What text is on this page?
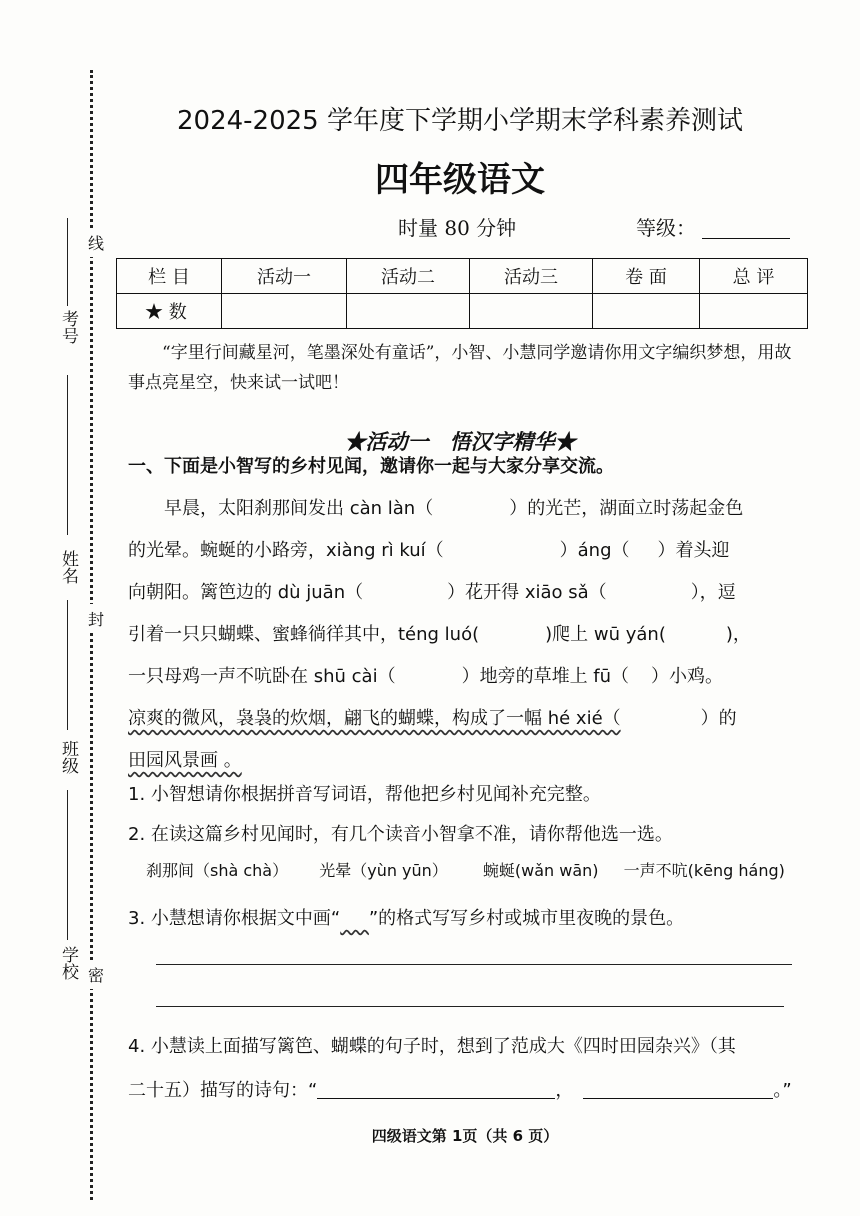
线
封
密
考号
姓名
班级
学校
2024-2025 学年度下学期小学期末学科素养测试
四年级语文
时量 80 分钟	等级：
栏 目	活动一	活动二	活动三	卷 面	总 评
★ 数					
“字里行间藏星河，笔墨深处有童话”，小智、小慧同学邀请你用文字编织梦想，用故事点亮星空，快来试一试吧！
★活动一　悟汉字精华★
一、下面是小智写的乡村见闻，邀请你一起与大家分享交流。

早晨，太阳刹那间发出 càn làn（	）的光芒，湖面立时荡起金色

的光晕。蜿蜒的小路旁，xiàng rì kuí（	）áng（ ）着头迎

向朝阳。篱笆边的 dù juān（	）花开得 xiāo sǎ（	），逗

引着一只只蝴蝶、蜜蜂徜徉其中，téng luó(	)爬上 wū yán(	)，

一只母鸡一声不吭卧在 shū cài（	）地旁的草堆上 fū（ ）小鸡。

凉爽的微风，袅袅的炊烟，翩飞的蝴蝶，构成了一幅 hé xié（	）的

田园风景画 。

1. 小智想请你根据拼音写词语，帮他把乡村见闻补充完整。
2. 在读这篇乡村见闻时，有几个读音小智拿不准，请你帮他选一选。
刹那间（shà chà） 光晕（yùn yūn） 蜿蜒(wǎn wān) 一声不吭(kēng háng)
3. 小慧想请你根据文中画“ ”的格式写写乡村或城市里夜晚的景色。
4. 小慧读上面描写篱笆、蝴蝶的句子时，想到了范成大《四时田园杂兴》（其
二十五）描写的诗句：“	，	。”
四级语文第 1页（共 6 页）
